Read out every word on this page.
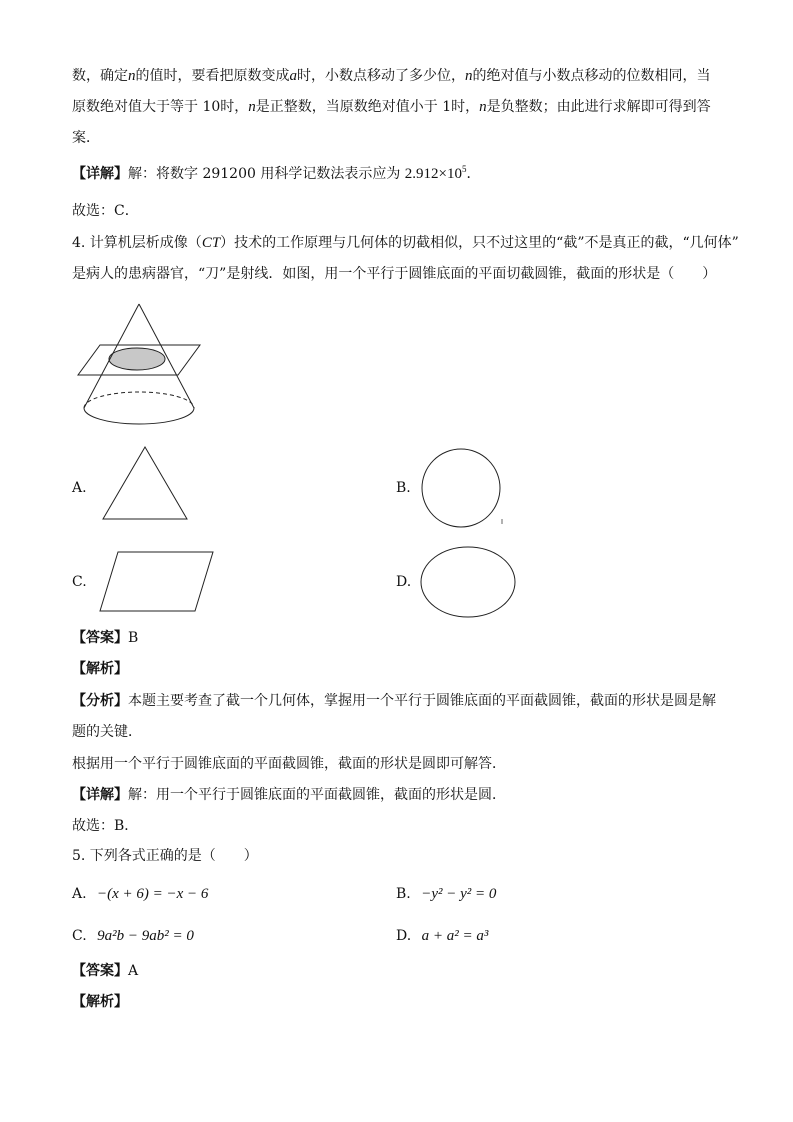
数，确定n的值时，要看把原数变成a时，小数点移动了多少位，n的绝对值与小数点移动的位数相同，当
原数绝对值大于等于 10时，n是正整数，当原数绝对值小于 1时，n是负整数；由此进行求解即可得到答
案．
【详解】解：将数字 291200 用科学记数法表示应为 $2.912\times 10^5$．
故选：C．
4. 计算机层析成像（CT）技术的工作原理与几何体的切截相似，只不过这里的“截”不是真正的截，“几何体”
是病人的患病器官，“刀”是射线．如图，用一个平行于圆锥底面的平面切截圆锥，截面的形状是（　　）
A.	B.
C.	D.
【答案】B
【解析】
【分析】本题主要考查了截一个几何体，掌握用一个平行于圆锥底面的平面截圆锥，截面的形状是圆是解
题的关键．
根据用一个平行于圆锥底面的平面截圆锥，截面的形状是圆即可解答．
【详解】解：用一个平行于圆锥底面的平面截圆锥，截面的形状是圆．
故选：B．
5. 下列各式正确的是（　　）
A. −(x + 6) = −x − 6	B. −y² − y² = 0
C. 9a²b − 9ab² = 0	D. a + a² = a³
【答案】A
【解析】
